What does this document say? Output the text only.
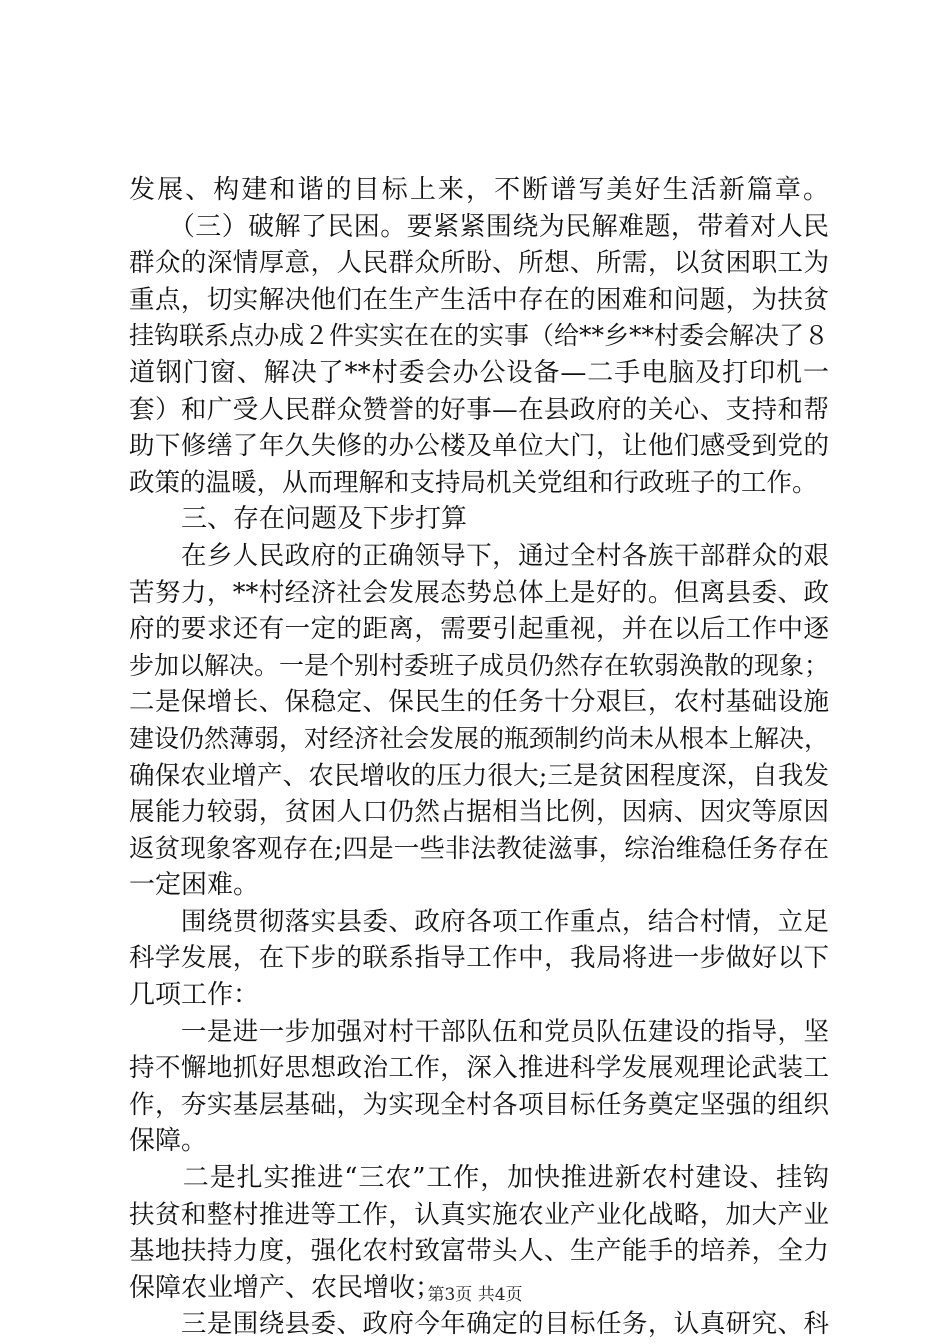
发展、构建和谐的目标上来，不断谱写美好生活新篇章。
　　（三）破解了民困。要紧紧围绕为民解难题，带着对人民
群众的深情厚意，人民群众所盼、所想、所需，以贫困职工为
重点，切实解决他们在生产生活中存在的困难和问题，为扶贫
挂钩联系点办成２件实实在在的实事（给**乡**村委会解决了８
道钢门窗、解决了**村委会办公设备—二手电脑及打印机一
套）和广受人民群众赞誉的好事—在县政府的关心、支持和帮
助下修缮了年久失修的办公楼及单位大门，让他们感受到党的
政策的温暖，从而理解和支持局机关党组和行政班子的工作。
　　三、存在问题及下步打算
　　在乡人民政府的正确领导下，通过全村各族干部群众的艰
苦努力，**村经济社会发展态势总体上是好的。但离县委、政
府的要求还有一定的距离，需要引起重视，并在以后工作中逐
步加以解决。一是个别村委班子成员仍然存在软弱涣散的现象；
二是保增长、保稳定、保民生的任务十分艰巨，农村基础设施
建设仍然薄弱，对经济社会发展的瓶颈制约尚未从根本上解决，
确保农业增产、农民增收的压力很大;三是贫困程度深，自我发
展能力较弱，贫困人口仍然占据相当比例，因病、因灾等原因
返贫现象客观存在;四是一些非法教徒滋事，综治维稳任务存在
一定困难。
　　围绕贯彻落实县委、政府各项工作重点，结合村情，立足
科学发展，在下步的联系指导工作中，我局将进一步做好以下
几项工作：
　　一是进一步加强对村干部队伍和党员队伍建设的指导，坚
持不懈地抓好思想政治工作，深入推进科学发展观理论武装工
作，夯实基层基础，为实现全村各项目标任务奠定坚强的组织
保障。
　　二是扎实推进“三农”工作，加快推进新农村建设、挂钩
扶贫和整村推进等工作，认真实施农业产业化战略，加大产业
基地扶持力度，强化农村致富带头人、生产能手的培养，全力
保障农业增产、农民增收；
　　三是围绕县委、政府今年确定的目标任务，认真研究、科
第3页 共4页
